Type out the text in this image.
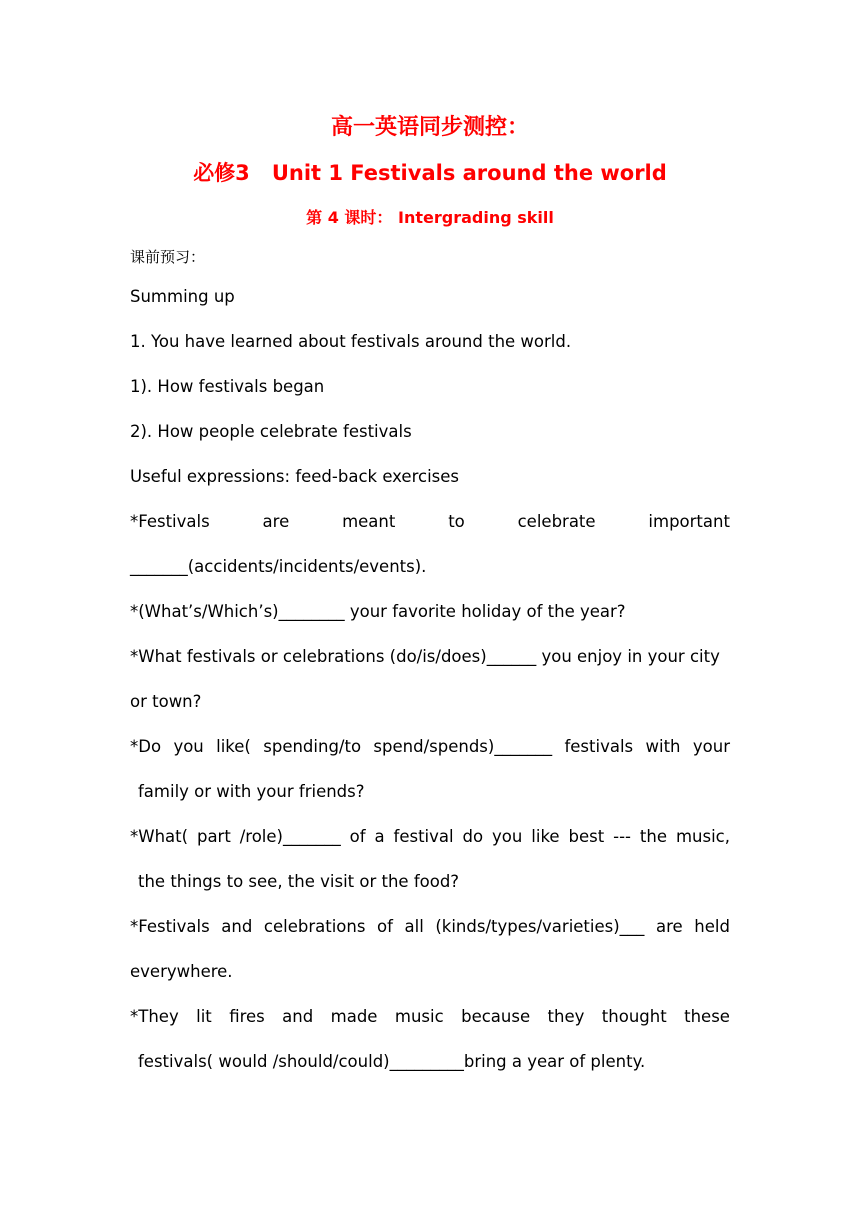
高一英语同步测控：
必修3 Unit 1 Festivals around the world
第 4 课时： Intergrading skill
课前预习：
Summing up
1. You have learned about festivals around the world.
1). How festivals began
2). How people celebrate festivals
Useful expressions: feed-back exercises
*Festivals	are	meant	to	celebrate	important
_______(accidents/incidents/events).
*(What’s/Which’s)________ your favorite holiday of the year?
*What festivals or celebrations (do/is/does)______ you enjoy in your city
or town?
*Do you like( spending/to spend/spends)_______ festivals with your
family or with your friends?
*What( part /role)_______ of a festival do you like best --- the music,
the things to see, the visit or the food?
*Festivals and celebrations of all (kinds/types/varieties)___ are held
everywhere.
*They lit fires and made music because they thought these
festivals( would /should/could)_________bring a year of plenty.
